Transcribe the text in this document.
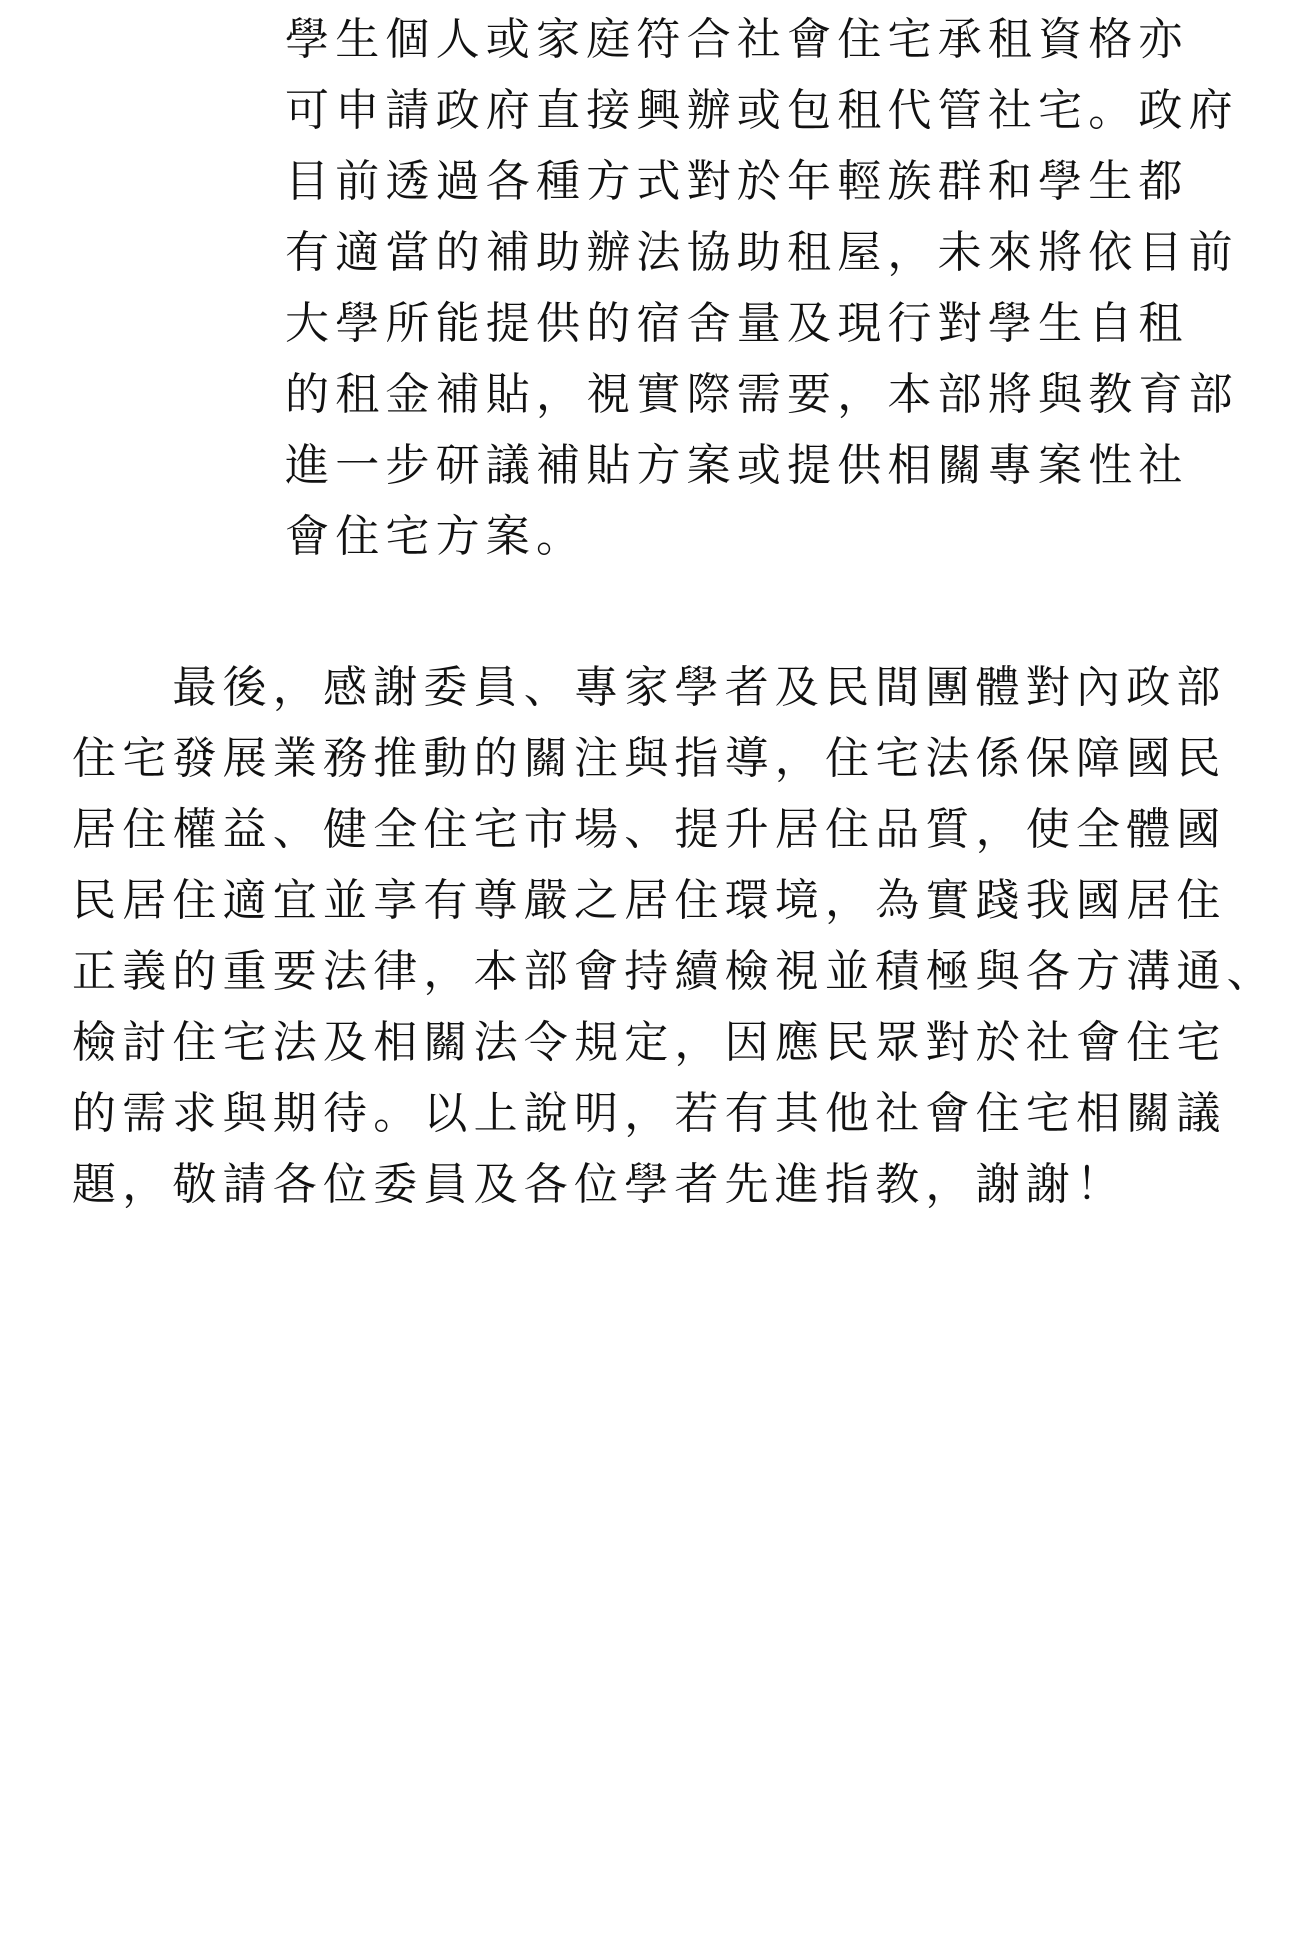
學生個人或家庭符合社會住宅承租資格亦

可申請政府直接興辦或包租代管社宅。政府

目前透過各種方式對於年輕族群和學生都

有適當的補助辦法協助租屋，未來將依目前

大學所能提供的宿舍量及現行對學生自租

的租金補貼，視實際需要，本部將與教育部

進一步研議補貼方案或提供相關專案性社

會住宅方案。

　　最後，感謝委員、專家學者及民間團體對內政部

住宅發展業務推動的關注與指導，住宅法係保障國民

居住權益、健全住宅市場、提升居住品質，使全體國

民居住適宜並享有尊嚴之居住環境，為實踐我國居住

正義的重要法律，本部會持續檢視並積極與各方溝通、

檢討住宅法及相關法令規定，因應民眾對於社會住宅

的需求與期待。以上說明，若有其他社會住宅相關議

題，敬請各位委員及各位學者先進指教，謝謝！
